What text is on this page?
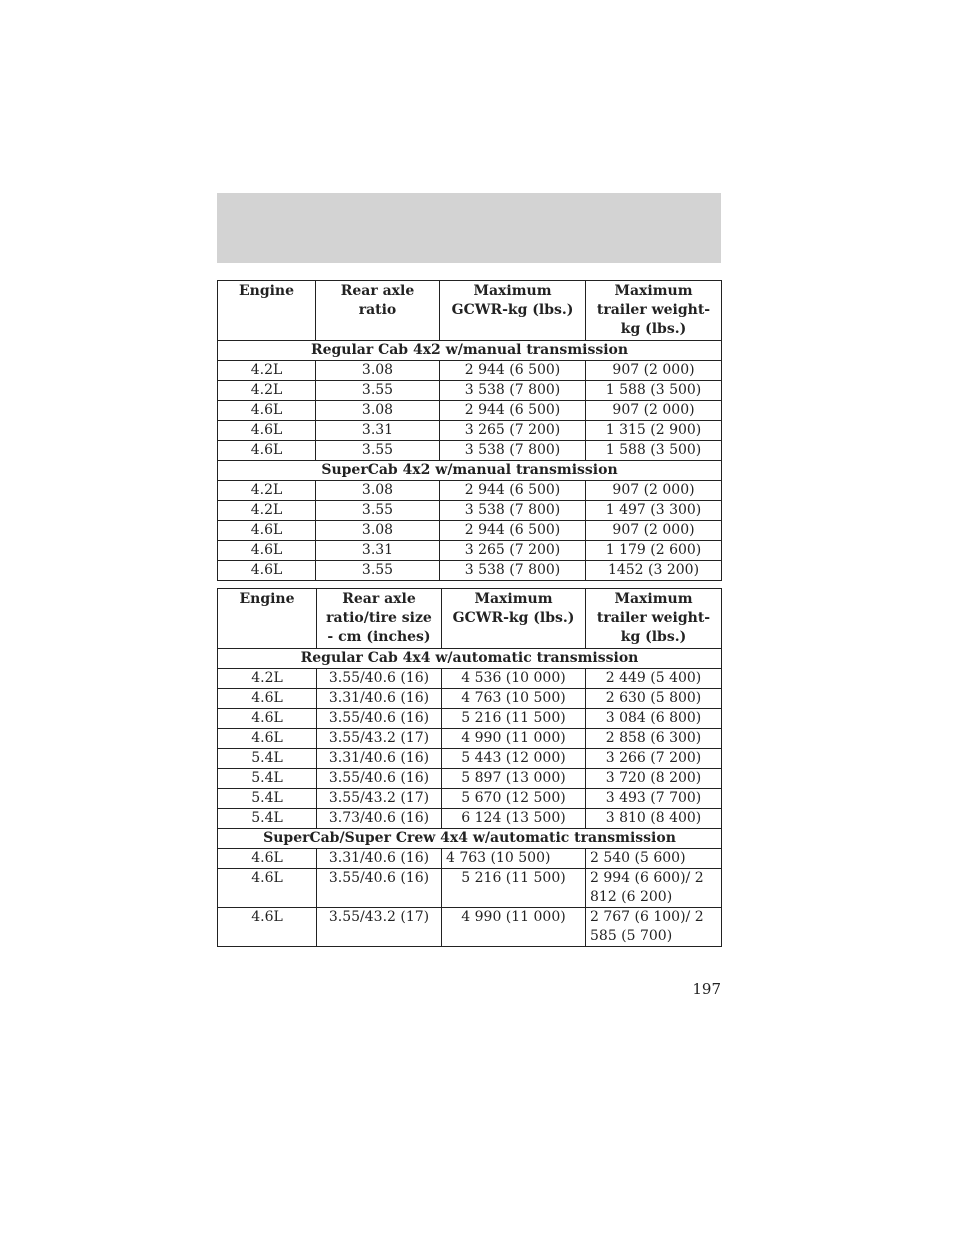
Engine	Rear axle ratio	Maximum GCWR-kg (lbs.)	Maximum trailer weight-kg (lbs.)
Regular Cab 4x2 w/manual transmission			
4.2L	3.08	2 944 (6 500)	907 (2 000)
4.2L	3.55	3 538 (7 800)	1 588 (3 500)
4.6L	3.08	2 944 (6 500)	907 (2 000)
4.6L	3.31	3 265 (7 200)	1 315 (2 900)
4.6L	3.55	3 538 (7 800)	1 588 (3 500)
SuperCab 4x2 w/manual transmission			
4.2L	3.08	2 944 (6 500)	907 (2 000)
4.2L	3.55	3 538 (7 800)	1 497 (3 300)
4.6L	3.08	2 944 (6 500)	907 (2 000)
4.6L	3.31	3 265 (7 200)	1 179 (2 600)
4.6L	3.55	3 538 (7 800)	1452 (3 200)
Engine	Rear axle ratio/tire size - cm (inches)	Maximum GCWR-kg (lbs.)	Maximum trailer weight-kg (lbs.)
Regular Cab 4x4 w/automatic transmission			
4.2L	3.55/40.6 (16)	4 536 (10 000)	2 449 (5 400)
4.6L	3.31/40.6 (16)	4 763 (10 500)	2 630 (5 800)
4.6L	3.55/40.6 (16)	5 216 (11 500)	3 084 (6 800)
4.6L	3.55/43.2 (17)	4 990 (11 000)	2 858 (6 300)
5.4L	3.31/40.6 (16)	5 443 (12 000)	3 266 (7 200)
5.4L	3.55/40.6 (16)	5 897 (13 000)	3 720 (8 200)
5.4L	3.55/43.2 (17)	5 670 (12 500)	3 493 (7 700)
5.4L	3.73/40.6 (16)	6 124 (13 500)	3 810 (8 400)
SuperCab/Super Crew 4x4 w/automatic transmission			
4.6L	3.31/40.6 (16)	4 763 (10 500)	2 540 (5 600)
4.6L	3.55/40.6 (16)	5 216 (11 500)	2 994 (6 600)/ 2 812 (6 200)
4.6L	3.55/43.2 (17)	4 990 (11 000)	2 767 (6 100)/ 2 585 (5 700)
197
